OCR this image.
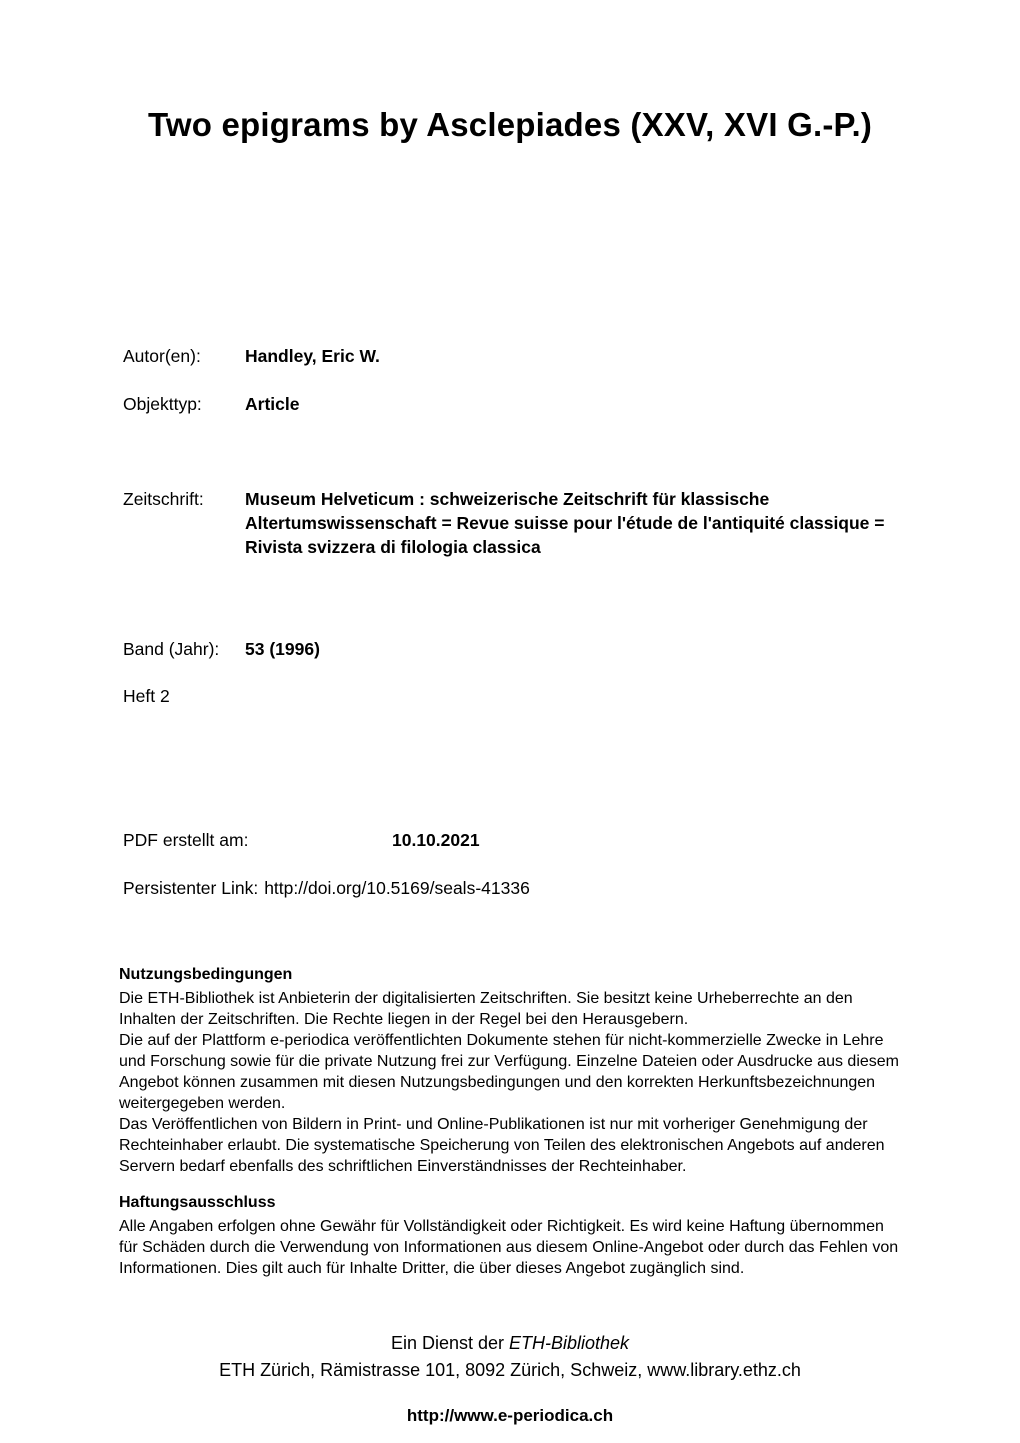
Two epigrams by Asclepiades (XXV, XVI G.-P.)
Autor(en):	Handley, Eric W.
Objekttyp:	Article
Zeitschrift:	Museum Helveticum : schweizerische Zeitschrift für klassische Altertumswissenschaft = Revue suisse pour l'étude de l'antiquité classique = Rivista svizzera di filologia classica
Band (Jahr):	53 (1996)
Heft 2
PDF erstellt am:	10.10.2021
Persistenter Link: http://doi.org/10.5169/seals-41336
Nutzungsbedingungen

Die ETH-Bibliothek ist Anbieterin der digitalisierten Zeitschriften. Sie besitzt keine Urheberrechte an den Inhalten der Zeitschriften. Die Rechte liegen in der Regel bei den Herausgebern.

Die auf der Plattform e-periodica veröffentlichten Dokumente stehen für nicht-kommerzielle Zwecke in Lehre und Forschung sowie für die private Nutzung frei zur Verfügung. Einzelne Dateien oder Ausdrucke aus diesem Angebot können zusammen mit diesen Nutzungsbedingungen und den korrekten Herkunftsbezeichnungen weitergegeben werden.

Das Veröffentlichen von Bildern in Print- und Online-Publikationen ist nur mit vorheriger Genehmigung der Rechteinhaber erlaubt. Die systematische Speicherung von Teilen des elektronischen Angebots auf anderen Servern bedarf ebenfalls des schriftlichen Einverständnisses der Rechteinhaber.

Haftungsausschluss

Alle Angaben erfolgen ohne Gewähr für Vollständigkeit oder Richtigkeit. Es wird keine Haftung übernommen für Schäden durch die Verwendung von Informationen aus diesem Online-Angebot oder durch das Fehlen von Informationen. Dies gilt auch für Inhalte Dritter, die über dieses Angebot zugänglich sind.

Ein Dienst der ETH-Bibliothek
ETH Zürich, Rämistrasse 101, 8092 Zürich, Schweiz, www.library.ethz.ch
http://www.e-periodica.ch
